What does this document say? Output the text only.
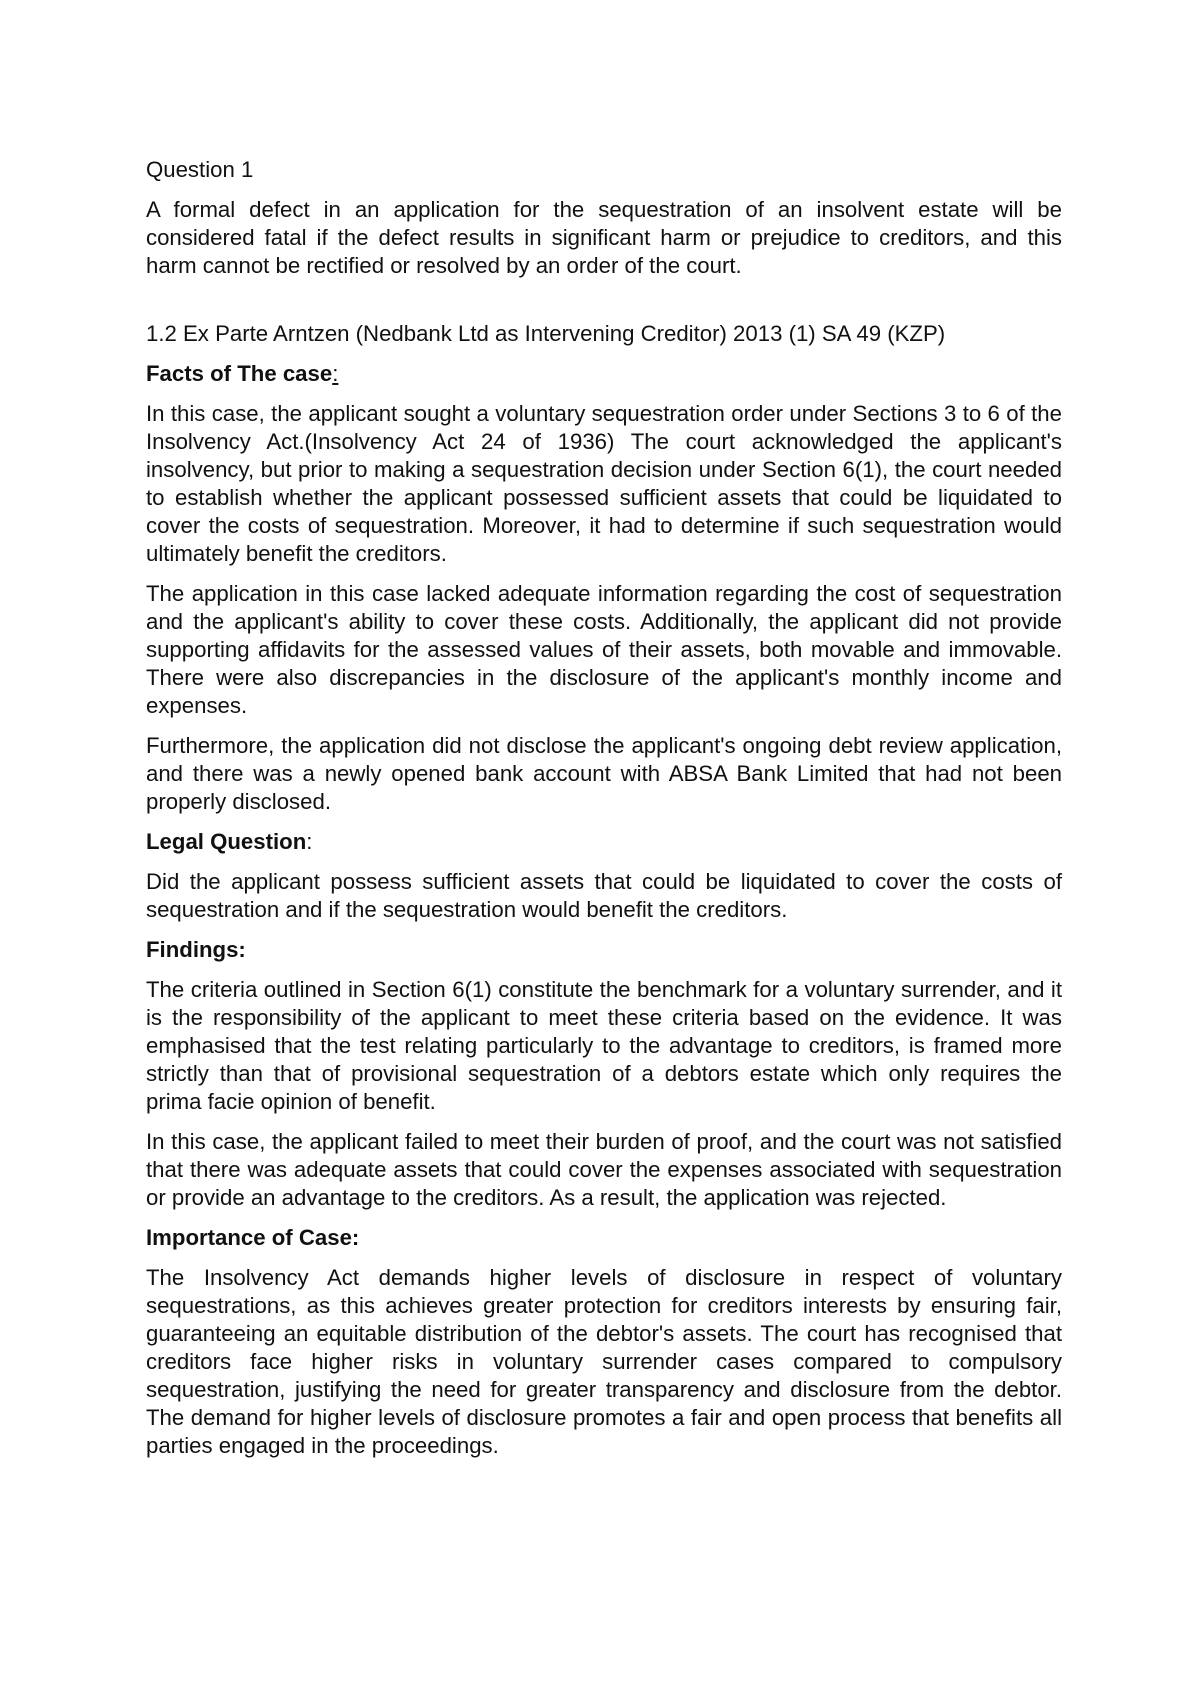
Question 1

A formal defect in an application for the sequestration of an insolvent estate will be considered fatal if the defect results in significant harm or prejudice to creditors, and this harm cannot be rectified or resolved by an order of the court.

1.2 Ex Parte Arntzen (Nedbank Ltd as Intervening Creditor) 2013 (1) SA 49 (KZP)

Facts of The case:

In this case, the applicant sought a voluntary sequestration order under Sections 3 to 6 of the Insolvency Act.(Insolvency Act 24 of 1936) The court acknowledged the applicant's insolvency, but prior to making a sequestration decision under Section 6(1), the court needed to establish whether the applicant possessed sufficient assets that could be liquidated to cover the costs of sequestration. Moreover, it had to determine if such sequestration would ultimately benefit the creditors.

The application in this case lacked adequate information regarding the cost of sequestration and the applicant's ability to cover these costs. Additionally, the applicant did not provide supporting affidavits for the assessed values of their assets, both movable and immovable. There were also discrepancies in the disclosure of the applicant's monthly income and expenses.

Furthermore, the application did not disclose the applicant's ongoing debt review application, and there was a newly opened bank account with ABSA Bank Limited that had not been properly disclosed.

Legal Question:

Did the applicant possess sufficient assets that could be liquidated to cover the costs of sequestration and if the sequestration would benefit the creditors.

Findings:

The criteria outlined in Section 6(1) constitute the benchmark for a voluntary surrender, and it is the responsibility of the applicant to meet these criteria based on the evidence. It was emphasised that the test relating particularly to the advantage to creditors, is framed more strictly than that of provisional sequestration of a debtors estate which only requires the prima facie opinion of benefit.

In this case, the applicant failed to meet their burden of proof, and the court was not satisfied that there was adequate assets that could cover the expenses associated with sequestration or provide an advantage to the creditors. As a result, the application was rejected.

Importance of Case:

The Insolvency Act demands higher levels of disclosure in respect of voluntary sequestrations, as this achieves greater protection for creditors interests by ensuring fair, guaranteeing an equitable distribution of the debtor's assets. The court has recognised that creditors face higher risks in voluntary surrender cases compared to compulsory sequestration, justifying the need for greater transparency and disclosure from the debtor. The demand for higher levels of disclosure promotes a fair and open process that benefits all parties engaged in the proceedings.
